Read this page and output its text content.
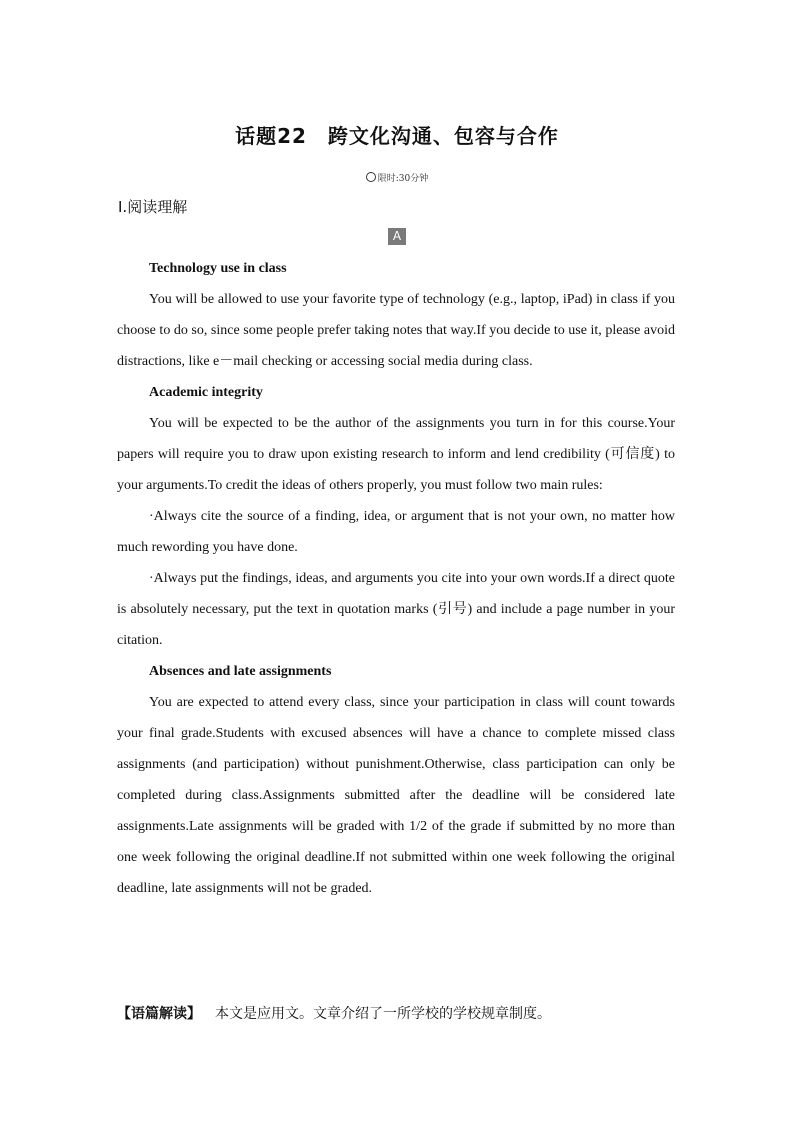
话题22　跨文化沟通、包容与合作
限时:30分钟
Ⅰ.阅读理解
A

Technology use in class

You will be allowed to use your favorite type of technology (e.g., laptop, iPad) in class if you choose to do so, since some people prefer taking notes that way.If you decide to use it, please avoid distractions, like e－mail checking or accessing social media during class.

Academic integrity

You will be expected to be the author of the assignments you turn in for this course.Your papers will require you to draw upon existing research to inform and lend credibility (可信度) to your arguments.To credit the ideas of others properly, you must follow two main rules:

·Always cite the source of a finding, idea, or argument that is not your own, no matter how much rewording you have done.

·Always put the findings, ideas, and arguments you cite into your own words.If a direct quote is absolutely necessary, put the text in quotation marks (引号) and include a page number in your citation.

Absences and late assignments

You are expected to attend every class, since your participation in class will count towards your final grade.Students with excused absences will have a chance to complete missed class assignments (and participation) without punishment.Otherwise, class participation can only be completed during class.Assignments submitted after the deadline will be considered late assignments.Late assignments will be graded with 1/2 of the grade if submitted by no more than one week following the original deadline.If not submitted within one week following the original deadline, late assignments will not be graded.

【语篇解读】 本文是应用文。文章介绍了一所学校的学校规章制度。
